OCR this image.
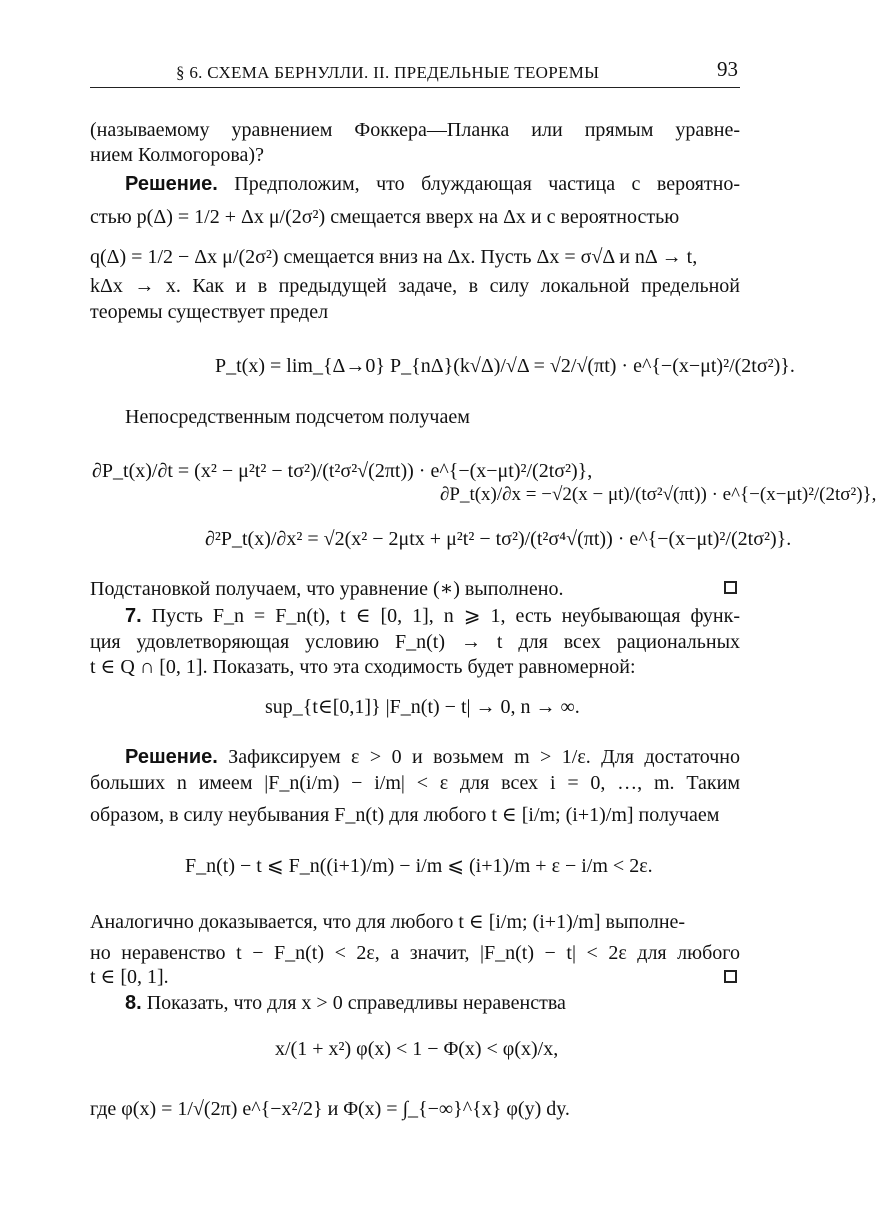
§ 6. СХЕМА БЕРНУЛЛИ. II. ПРЕДЕЛЬНЫЕ ТЕОРЕМЫ	93
(называемому уравнением Фоккера—Планка или прямым уравне-
нием Колмогорова)?
Решение. Предположим, что блуждающая частица с вероятно-
стью p(Δ) = 1/2 + Δx μ/(2σ²) смещается вверх на Δx и с вероятностью
q(Δ) = 1/2 − Δx μ/(2σ²) смещается вниз на Δx. Пусть Δx = σ√Δ и nΔ → t,
kΔx → x. Как и в предыдущей задаче, в силу локальной предельной
теоремы существует предел
P_t(x) = lim_{Δ→0} P_{nΔ}(k√Δ)/√Δ = √2/√(πt) · e^{−(x−μt)²/(2tσ²)}.
Непосредственным подсчетом получаем
∂P_t(x)/∂t = (x² − μ²t² − tσ²)/(t²σ²√(2πt)) · e^{−(x−μt)²/(2tσ²)},
∂P_t(x)/∂x = −√2(x − μt)/(tσ²√(πt)) · e^{−(x−μt)²/(2tσ²)},
∂²P_t(x)/∂x² = √2(x² − 2μtx + μ²t² − tσ²)/(t²σ⁴√(πt)) · e^{−(x−μt)²/(2tσ²)}.
Подстановкой получаем, что уравнение (∗) выполнено.
7. Пусть F_n = F_n(t), t ∈ [0, 1], n ⩾ 1, есть неубывающая функ-
ция удовлетворяющая условию F_n(t) → t для всех рациональных
t ∈ Q ∩ [0, 1]. Показать, что эта сходимость будет равномерной:
sup_{t∈[0,1]} |F_n(t) − t| → 0, n → ∞.
Решение. Зафиксируем ε > 0 и возьмем m > 1/ε. Для достаточно
больших n имеем |F_n(i/m) − i/m| < ε для всех i = 0, …, m. Таким
образом, в силу неубывания F_n(t) для любого t ∈ [i/m; (i+1)/m] получаем
F_n(t) − t ⩽ F_n((i+1)/m) − i/m ⩽ (i+1)/m + ε − i/m < 2ε.
Аналогично доказывается, что для любого t ∈ [i/m; (i+1)/m] выполне-
но неравенство t − F_n(t) < 2ε, а значит, |F_n(t) − t| < 2ε для любого
t ∈ [0, 1].
8. Показать, что для x > 0 справедливы неравенства
x/(1 + x²) φ(x) < 1 − Φ(x) < φ(x)/x,
где φ(x) = 1/√(2π) e^{−x²/2} и Φ(x) = ∫_{−∞}^{x} φ(y) dy.
